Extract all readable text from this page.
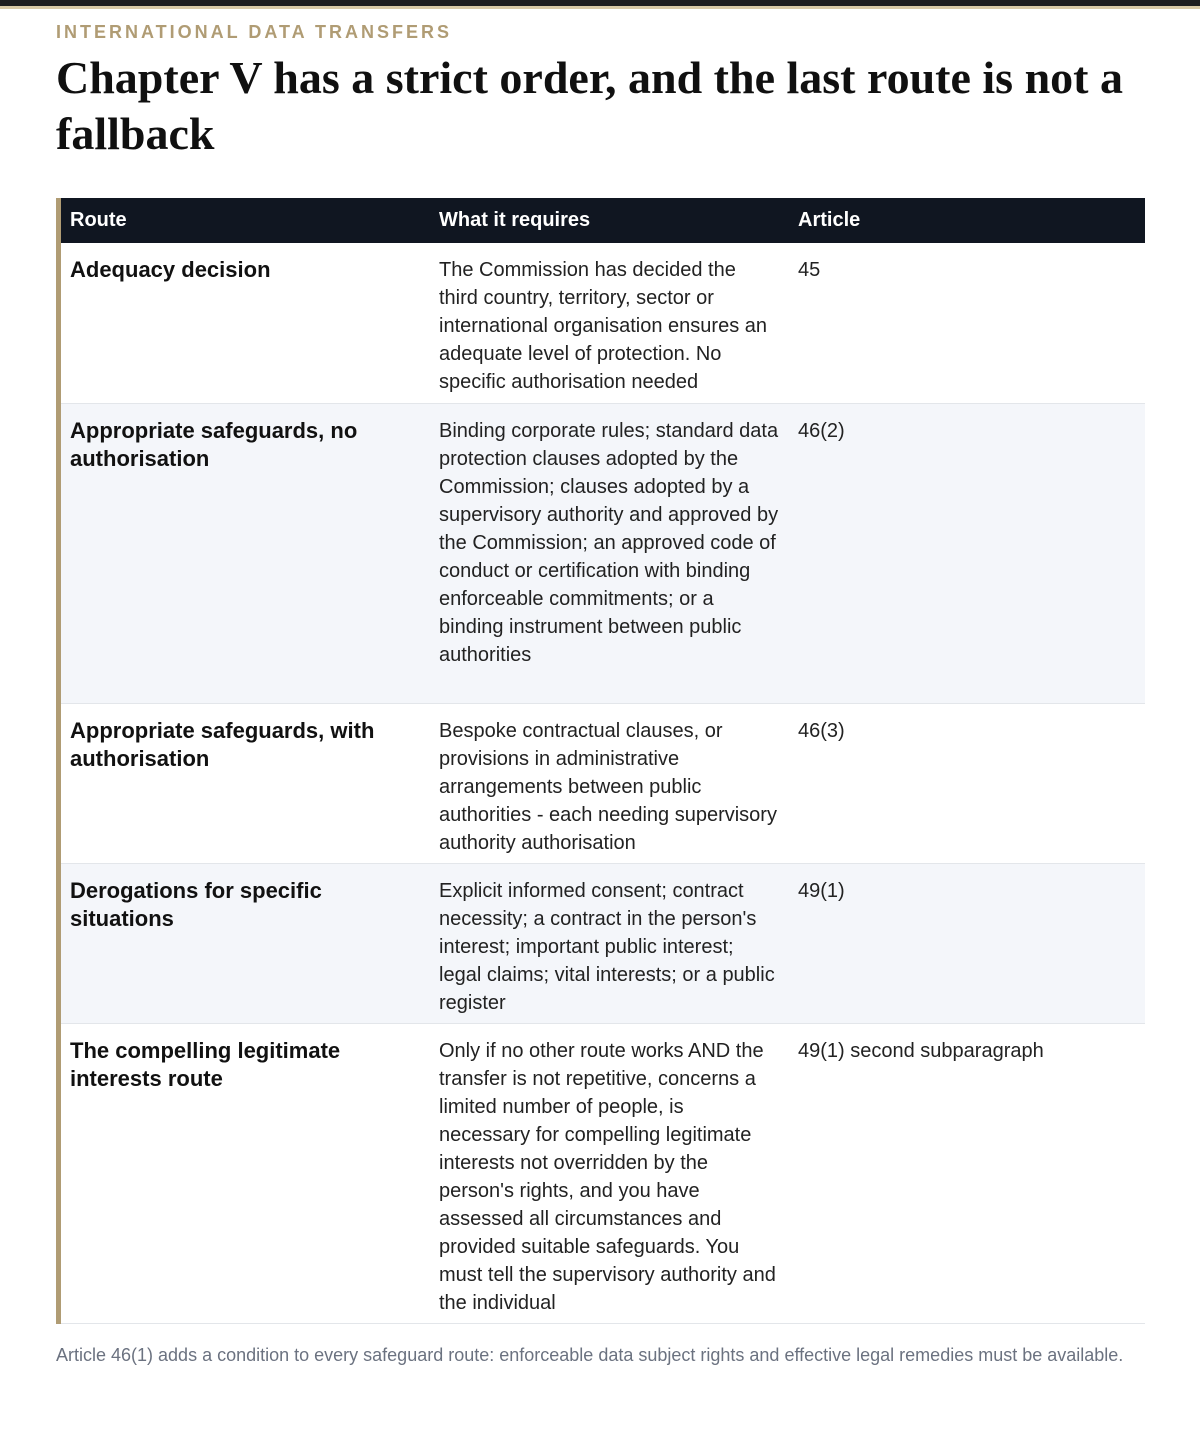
INTERNATIONAL DATA TRANSFERS
Chapter V has a strict order, and the last route is not a fallback
Route	What it requires	Article
Adequacy decision	The Commission has decided the third country, territory, sector or international organisation ensures an adequate level of protection. No specific authorisation needed	45
Appropriate safeguards, no authorisation	Binding corporate rules; standard data protection clauses adopted by the Commission; clauses adopted by a supervisory authority and approved by the Commission; an approved code of conduct or certification with binding enforceable commitments; or a binding instrument between public authorities	46(2)
Appropriate safeguards, with authorisation	Bespoke contractual clauses, or provisions in administrative arrangements between public authorities - each needing supervisory authority authorisation	46(3)
Derogations for specific situations	Explicit informed consent; contract necessity; a contract in the person's interest; important public interest; legal claims; vital interests; or a public register	49(1)
The compelling legitimate interests route	Only if no other route works AND the transfer is not repetitive, concerns a limited number of people, is necessary for compelling legitimate interests not overridden by the person's rights, and you have assessed all circumstances and provided suitable safeguards. You must tell the supervisory authority and the individual	49(1) second subparagraph

Article 46(1) adds a condition to every safeguard route: enforceable data subject rights and effective legal remedies must be available.
